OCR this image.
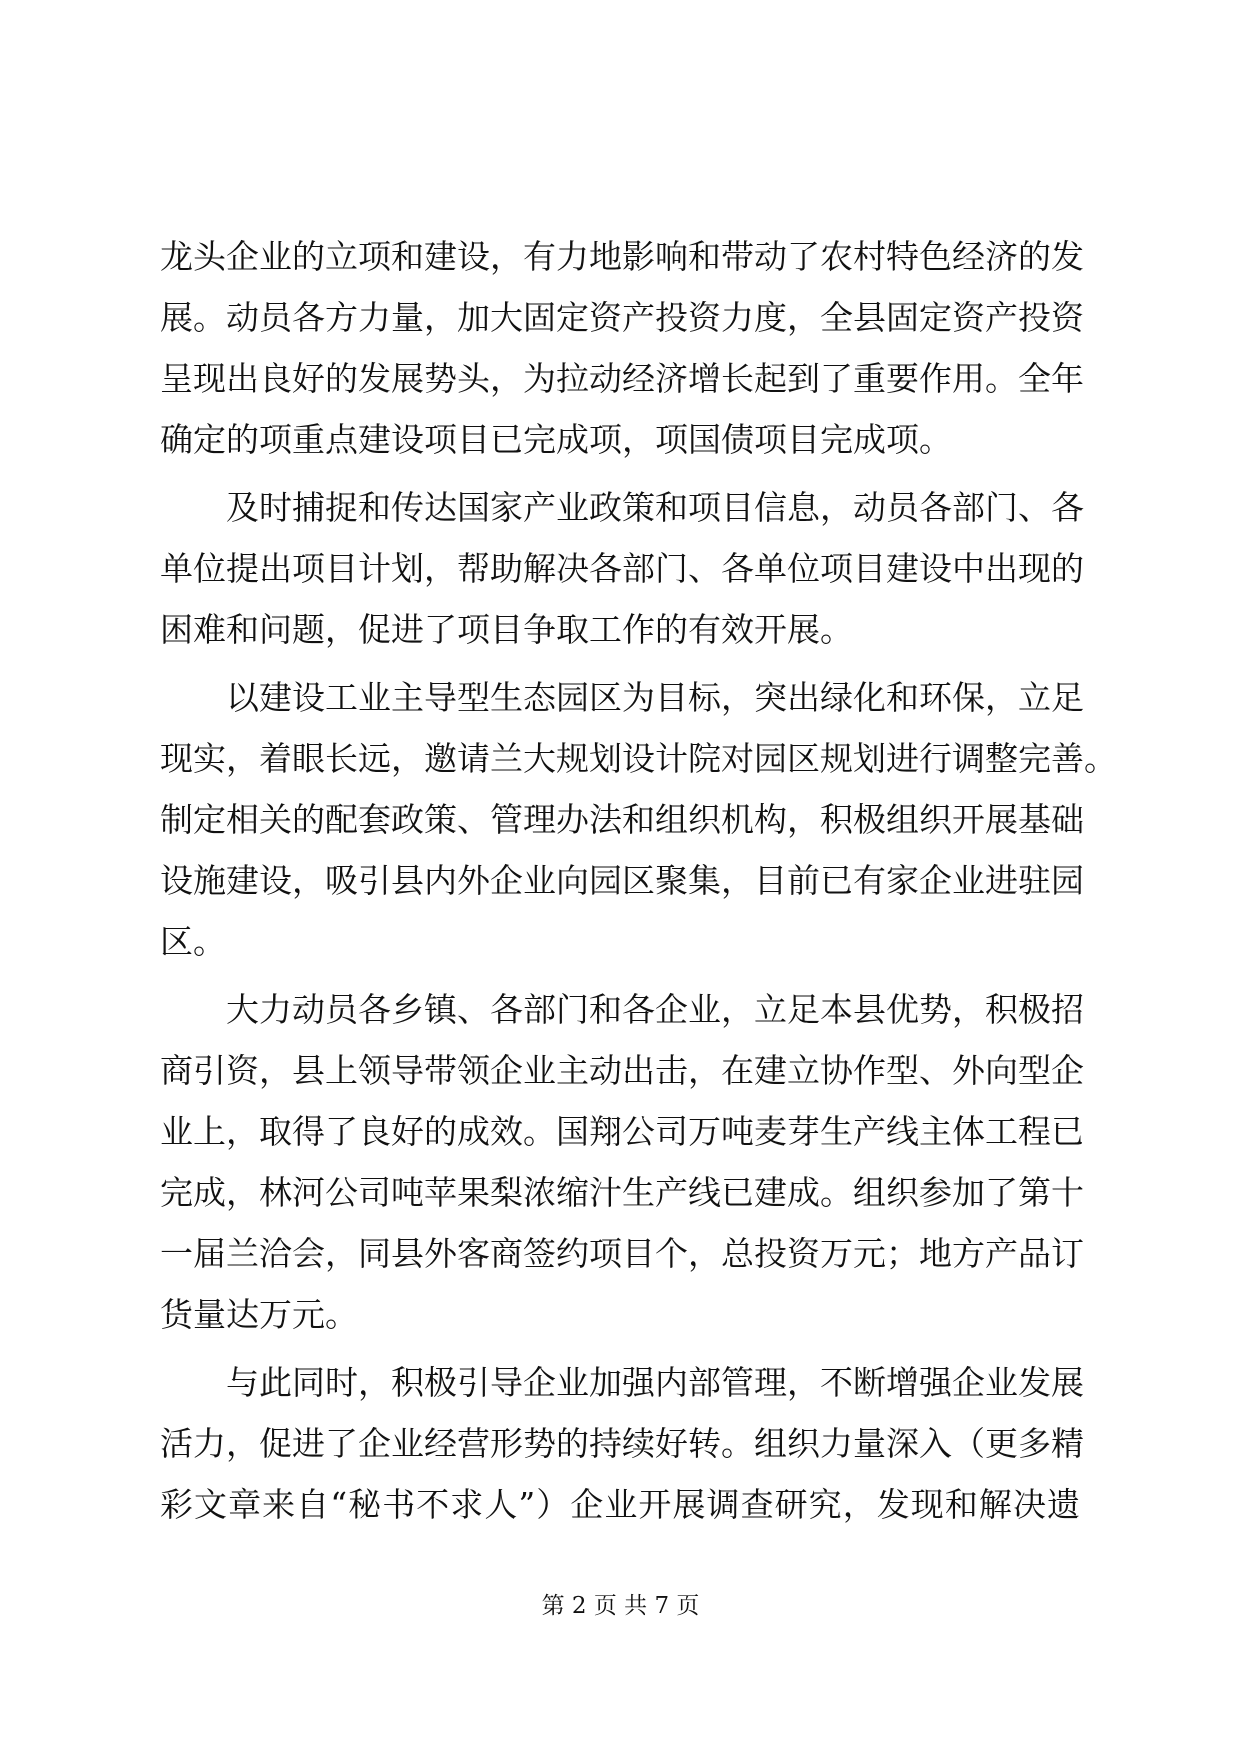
龙头企业的立项和建设，有力地影响和带动了农村特色经济的发
展。动员各方力量，加大固定资产投资力度，全县固定资产投资
呈现出良好的发展势头，为拉动经济增长起到了重要作用。全年
确定的项重点建设项目已完成项，项国债项目完成项。
　　及时捕捉和传达国家产业政策和项目信息，动员各部门、各
单位提出项目计划，帮助解决各部门、各单位项目建设中出现的
困难和问题，促进了项目争取工作的有效开展。
　　以建设工业主导型生态园区为目标，突出绿化和环保，立足
现实，着眼长远，邀请兰大规划设计院对园区规划进行调整完善。
制定相关的配套政策、管理办法和组织机构，积极组织开展基础
设施建设，吸引县内外企业向园区聚集，目前已有家企业进驻园
区。
　　大力动员各乡镇、各部门和各企业，立足本县优势，积极招
商引资，县上领导带领企业主动出击，在建立协作型、外向型企
业上，取得了良好的成效。国翔公司万吨麦芽生产线主体工程已
完成，林河公司吨苹果梨浓缩汁生产线已建成。组织参加了第十
一届兰洽会，同县外客商签约项目个，总投资万元；地方产品订
货量达万元。
　　与此同时，积极引导企业加强内部管理，不断增强企业发展
活力，促进了企业经营形势的持续好转。组织力量深入（更多精
彩文章来自“秘书不求人”）企业开展调查研究，发现和解决遗
第 2 页 共 7 页
